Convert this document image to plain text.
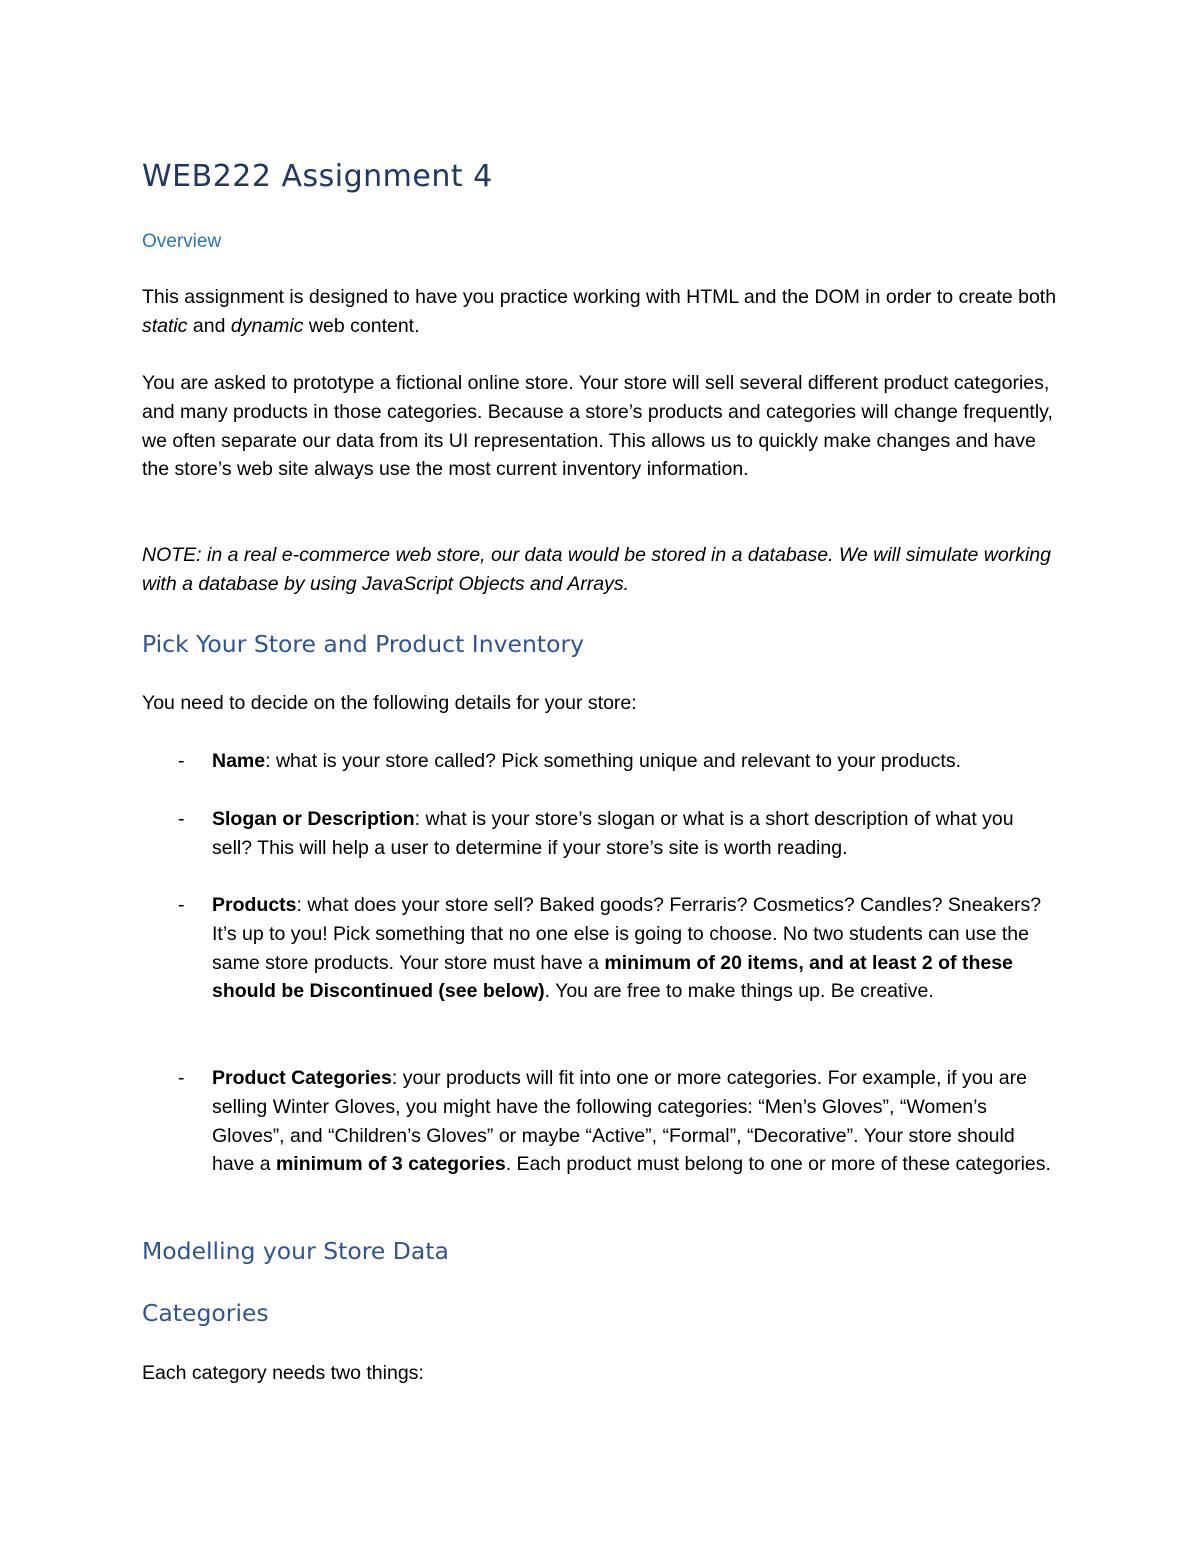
WEB222 Assignment 4
Overview

This assignment is designed to have you practice working with HTML and the DOM in order to create both static and dynamic web content.

You are asked to prototype a fictional online store. Your store will sell several different product categories, and many products in those categories. Because a store’s products and categories will change frequently, we often separate our data from its UI representation. This allows us to quickly make changes and have the store’s web site always use the most current inventory information.

NOTE: in a real e-commerce web store, our data would be stored in a database. We will simulate working with a database by using JavaScript Objects and Arrays.

Pick Your Store and Product Inventory

You need to decide on the following details for your store:

- Name: what is your store called? Pick something unique and relevant to your products.
- Slogan or Description: what is your store’s slogan or what is a short description of what you sell? This will help a user to determine if your store’s site is worth reading.
- Products: what does your store sell? Baked goods? Ferraris? Cosmetics? Candles? Sneakers? It’s up to you! Pick something that no one else is going to choose. No two students can use the same store products. Your store must have a minimum of 20 items, and at least 2 of these should be Discontinued (see below). You are free to make things up. Be creative.
- Product Categories: your products will fit into one or more categories. For example, if you are selling Winter Gloves, you might have the following categories: “Men’s Gloves”, “Women’s Gloves”, and “Children’s Gloves” or maybe “Active”, “Formal”, “Decorative”. Your store should have a minimum of 3 categories. Each product must belong to one or more of these categories.
Modelling your Store Data
Categories

Each category needs two things:
